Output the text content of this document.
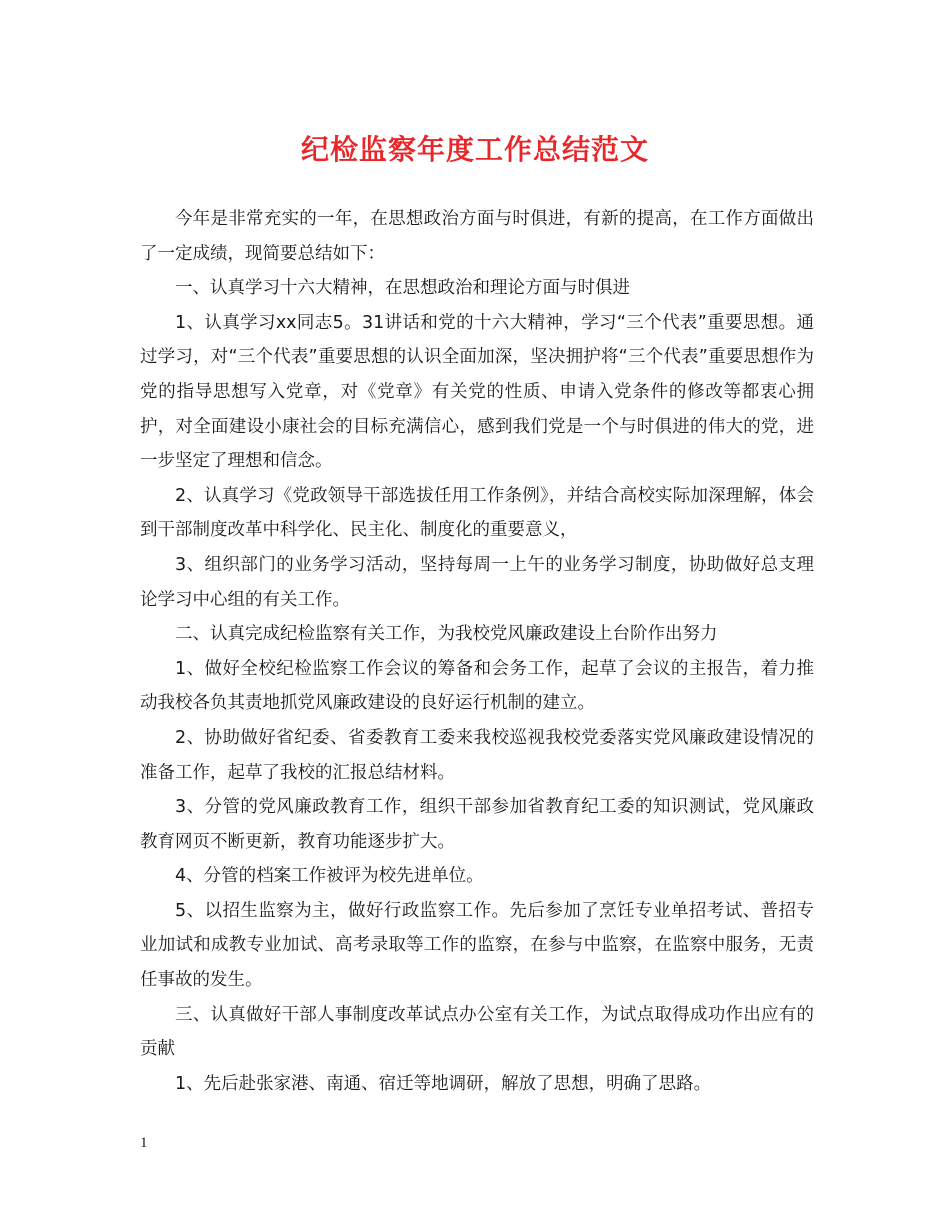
纪检监察年度工作总结范文

今年是非常充实的一年，在思想政治方面与时俱进，有新的提高，在工作方面做出了一定成绩，现简要总结如下：

一、认真学习十六大精神，在思想政治和理论方面与时俱进

1、认真学习xx同志5。31讲话和党的十六大精神，学习“三个代表”重要思想。通过学习，对“三个代表”重要思想的认识全面加深，坚决拥护将“三个代表”重要思想作为党的指导思想写入党章，对《党章》有关党的性质、申请入党条件的修改等都衷心拥护，对全面建设小康社会的目标充满信心，感到我们党是一个与时俱进的伟大的党，进一步坚定了理想和信念。

2、认真学习《党政领导干部选拔任用工作条例》，并结合高校实际加深理解，体会到干部制度改革中科学化、民主化、制度化的重要意义，

3、组织部门的业务学习活动，坚持每周一上午的业务学习制度，协助做好总支理论学习中心组的有关工作。

二、认真完成纪检监察有关工作，为我校党风廉政建设上台阶作出努力

1、做好全校纪检监察工作会议的筹备和会务工作，起草了会议的主报告，着力推动我校各负其责地抓党风廉政建设的良好运行机制的建立。

2、协助做好省纪委、省委教育工委来我校巡视我校党委落实党风廉政建设情况的准备工作，起草了我校的汇报总结材料。

3、分管的党风廉政教育工作，组织干部参加省教育纪工委的知识测试，党风廉政教育网页不断更新，教育功能逐步扩大。

4、分管的档案工作被评为校先进单位。

5、以招生监察为主，做好行政监察工作。先后参加了烹饪专业单招考试、普招专业加试和成教专业加试、高考录取等工作的监察，在参与中监察，在监察中服务，无责任事故的发生。

三、认真做好干部人事制度改革试点办公室有关工作，为试点取得成功作出应有的贡献

1、先后赴张家港、南通、宿迁等地调研，解放了思想，明确了思路。

1
